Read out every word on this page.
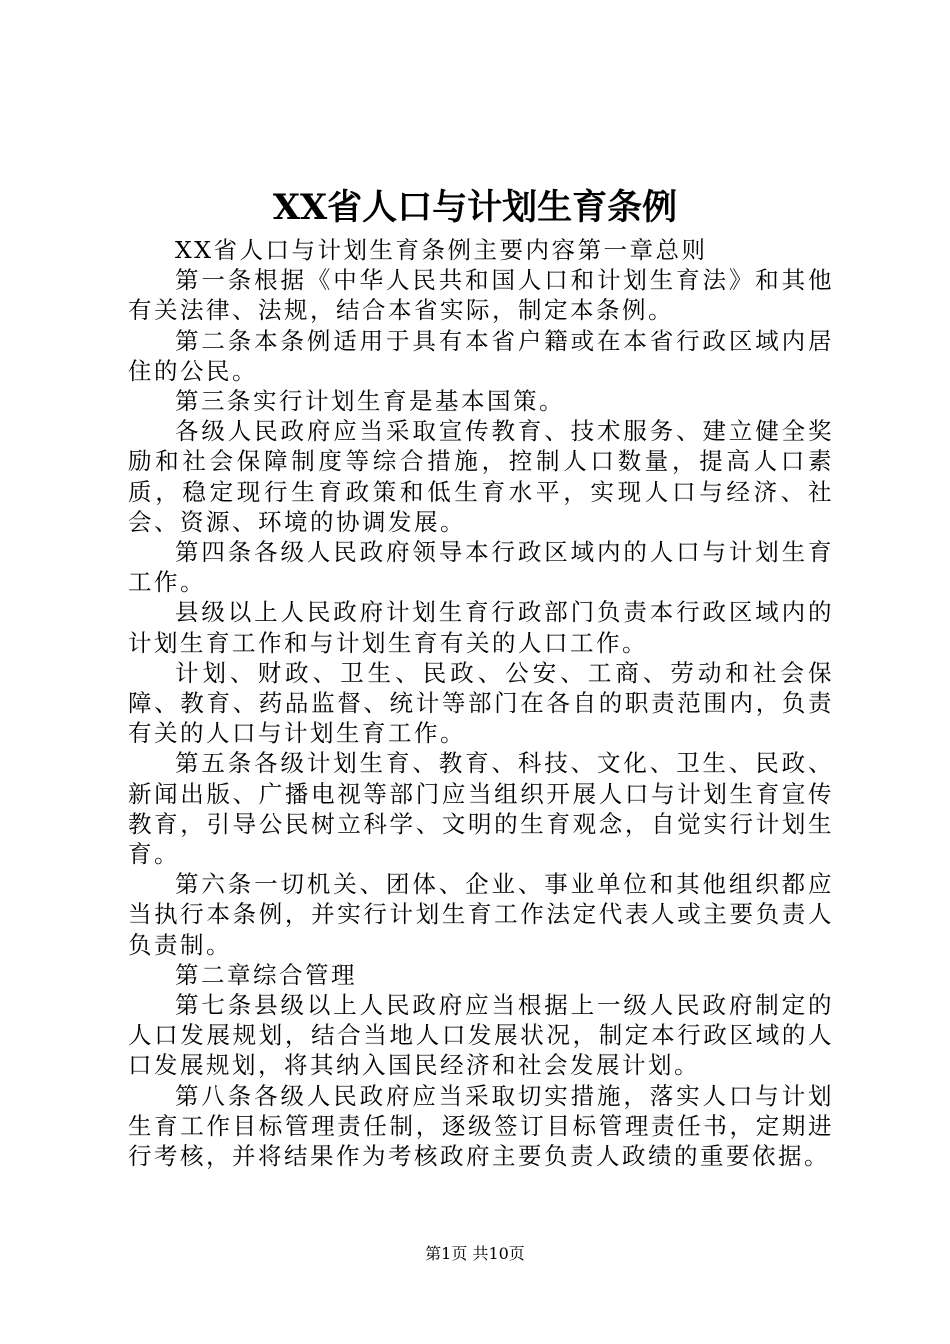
XX省人口与计划生育条例

XX省人口与计划生育条例主要内容第一章总则

第一条根据《中华人民共和国人口和计划生育法》和其他有关法律、法规，结合本省实际，制定本条例。

第二条本条例适用于具有本省户籍或在本省行政区域内居住的公民。

第三条实行计划生育是基本国策。

各级人民政府应当采取宣传教育、技术服务、建立健全奖励和社会保障制度等综合措施，控制人口数量，提高人口素质，稳定现行生育政策和低生育水平，实现人口与经济、社会、资源、环境的协调发展。

第四条各级人民政府领导本行政区域内的人口与计划生育工作。

县级以上人民政府计划生育行政部门负责本行政区域内的计划生育工作和与计划生育有关的人口工作。

计划、财政、卫生、民政、公安、工商、劳动和社会保障、教育、药品监督、统计等部门在各自的职责范围内，负责有关的人口与计划生育工作。

第五条各级计划生育、教育、科技、文化、卫生、民政、新闻出版、广播电视等部门应当组织开展人口与计划生育宣传教育，引导公民树立科学、文明的生育观念，自觉实行计划生育。

第六条一切机关、团体、企业、事业单位和其他组织都应当执行本条例，并实行计划生育工作法定代表人或主要负责人负责制。

第二章综合管理

第七条县级以上人民政府应当根据上一级人民政府制定的人口发展规划，结合当地人口发展状况，制定本行政区域的人口发展规划，将其纳入国民经济和社会发展计划。

第八条各级人民政府应当采取切实措施，落实人口与计划生育工作目标管理责任制，逐级签订目标管理责任书，定期进行考核，并将结果作为考核政府主要负责人政绩的重要依据。

第1页 共10页
